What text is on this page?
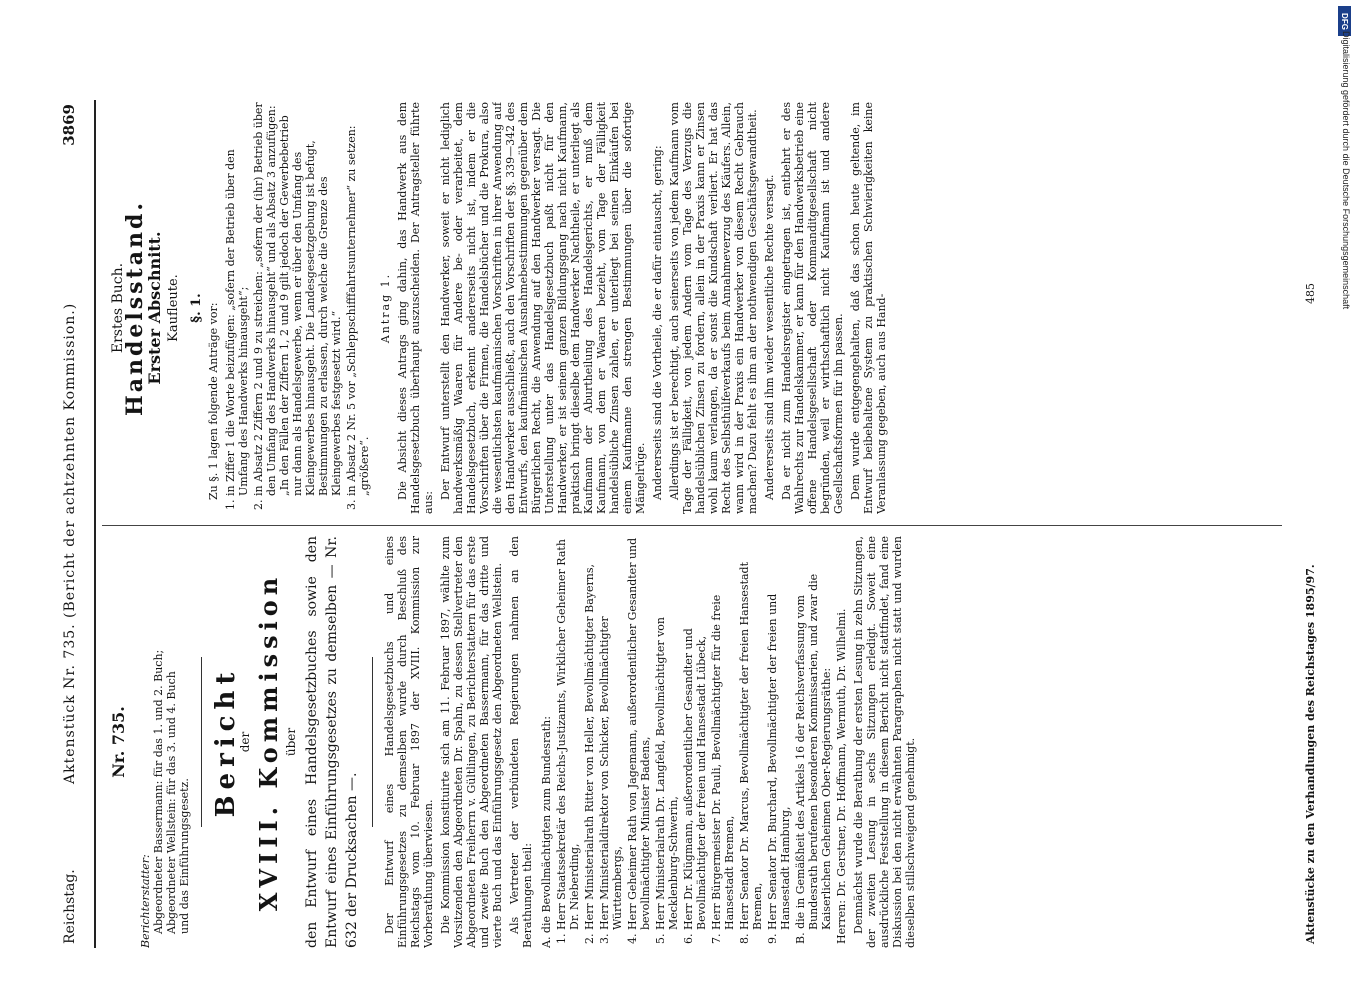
Reichstag.
Aktenstück Nr. 735. (Bericht der achtzehnten Kommission.)
3869
Nr. 735.
Berichterstatter: Abgeordneter Bassermann: für das 1. und 2. Buch; Abgeordneter Wellstein: für das 3. und 4. Buch und das Einführungsgesetz.
Bericht
der XVIII. Kommission über den Entwurf eines Handelsgesetzbuches sowie den Entwurf eines Einführungsgesetzes zu demselben — Nr. 632 der Drucksachen —. Der Entwurf eines Handelsgesetzbuchs und eines Einführungsgesetzes zu demselben wurde durch Beschluß des Reichstags vom 10. Februar 1897 der XVIII. Kommission zur Vorberathung überwiesen. Die Kommission konstituirte sich am 11. Februar 1897, wählte zum Vorsitzenden den Abgeordneten Dr. Spahn, zu dessen Stellvertreter den Abgeordneten Freiherrn v. Gültlingen, zu Berichterstattern für das erste und zweite Buch den Abgeordneten Bassermann, für das dritte und vierte Buch und das Einführungsgesetz den Abgeordneten Wellstein. Als Vertreter der verbündeten Regierungen nahmen an den Berathungen theil: A. die Bevollmächtigten zum Bundesrath: 1. Herr Staatssekretär des Reichs-Justizamts, Wirklicher Geheimer Rath Dr. Nieberding, 2. Herr Ministerialrath Ritter von Heller, Bevollmächtigter Bayerns, 3. Herr Ministerialdirektor von Schicker, Bevollmächtigter Württembergs, 4. Herr Geheimer Rath von Jagemann, außerordentlicher Gesandter und bevollmächtigter Minister Badens, 5. Herr Ministerialrath Dr. Langfeld, Bevollmächtigter von Mecklenburg-Schwerin, 6. Herr Dr. Klügmann, außerordentlicher Gesandter und Bevollmächtigter der freien und Hansestadt Lübeck, 7. Herr Bürgermeister Dr. Pauli, Bevollmächtigter für die freie Hansestadt Bremen, 8. Herr Senator Dr. Marcus, Bevollmächtigter der freien Hansestadt Bremen, 9. Herr Senator Dr. Burchard, Bevollmächtigter der freien und Hansestadt Hamburg, B. die in Gemäßheit des Artikels 16 der Reichsverfassung vom Bundesrath berufenen besonderen Kommissarien, und zwar die Kaiserlichen Geheimen Ober-Regierungsräthe: Herren: Dr. Gerstner, Dr. Hoffmann, Wermuth, Dr. Wilhelmi. Demnächst wurde die Berathung der ersten Lesung in zehn Sitzungen, der zweiten Lesung in sechs Sitzungen erledigt. Soweit eine ausdrückliche Feststellung in diesem Bericht nicht stattfindet, fand eine Diskussion bei den nicht erwähnten Paragraphen nicht statt und wurden dieselben stillschweigend genehmigt.
Erstes Buch.
Handelsstand.
Erster Abschnitt. Kaufleute. §. 1. Zu §. 1 lagen folgende Anträge vor: 1. in Ziffer 1 die Worte beizufügen: „sofern der Betrieb über den Umfang des Handwerks hinausgeht“; 2. in Absatz 2 Ziffern 2 und 9 zu streichen: „sofern der (ihr) Betrieb über den Umfang des Handwerks hinausgeht“ und als Absatz 3 anzufügen: „In den Fällen der Ziffern 1, 2 und 9 gilt jedoch der Gewerbebetrieb nur dann als Handelsgewerbe, wenn er über den Umfang des Kleingewerbes hinausgeht. Die Landesgesetzgebung ist befugt, Bestimmungen zu erlassen, durch welche die Grenze des Kleingewerbes festgesetzt wird.“ 3. in Absatz 2 Nr. 5 vor „Schleppschifffahrtsunternehmer“ zu setzen: „größere“.
Antrag 1. Die Absicht dieses Antrags ging dahin, das Handwerk aus dem Handelsgesetzbuch überhaupt auszuscheiden. Der Antragsteller führte aus:
Der Entwurf unterstellt den Handwerker, soweit er nicht lediglich handwerksmäßig Waaren für Andere be- oder verarbeitet, dem Handelsgesetzbuch, erkennt andererseits nicht ist, indem er die Vorschriften über die Firmen, die Handelsbücher und die Prokura, also die wesentlichsten kaufmännischen Vorschriften in ihrer Anwendung auf den Handwerker ausschließt, auch den Vorschriften der §§. 339—342 des Entwurfs, den kaufmännischen Ausnahmebestimmungen gegenüber dem Bürgerlichen Recht, die Anwendung auf den Handwerker versagt. Die Unterstellung unter das Handelsgesetzbuch paßt nicht für den Handwerker, er ist seinem ganzen Bildungsgang nach nicht Kaufmann, praktisch bringt dieselbe dem Handwerker Nachtheile, er unterliegt als Kaufmann der Aburtheilung des Handelsgerichts, er muß dem Kaufmann, von dem er Waaren bezieht, vom Tage der Fälligkeit handelsübliche Zinsen zahlen, er unterliegt bei seinen Einkäufen bei einem Kaufmanne den strengen Bestimmungen über die sofortige Mängelrüge. Andererseits sind die Vortheile, die er dafür eintauscht, gering: Allerdings ist er berechtigt, auch seinerseits von jedem Kaufmann vom Tage der Fälligkeit, von jedem Andern vom Tage des Verzugs die handelsüblichen Zinsen zu fordern, allein in der Praxis kann er Zinsen wohl kaum verlangen, da er sonst die Kundschaft verliert. Er hat das Recht des Selbsthülfeverkaufs beim Annahmeverzug des Käufers. Allein, wann wird in der Praxis ein Handwerker von diesem Recht Gebrauch machen? Dazu fehlt es ihm an der nothwendigen Geschäftsgewandtheit. Andererseits sind ihm wieder wesentliche Rechte versagt. Da er nicht zum Handelsregister eingetragen ist, entbehrt er des Wahlrechts zur Handelskammer, er kann für den Handwerksbetrieb eine offene Handelsgesellschaft oder Kommanditgesellschaft nicht begründen, weil er wirthschaftlich nicht Kaufmann ist und andere Gesellschaftsformen für ihn passen. Dem wurde entgegengehalten, daß das schon heute geltende, im Entwurf beibehaltene System zu praktischen Schwierigkeiten keine Veranlassung gegeben, auch aus Hand-
Aktenstücke zu den Verhandlungen des Reichstages 1895/97.
485
DFG
Digitalisierung gefördert durch die Deutsche Forschungsgemeinschaft
